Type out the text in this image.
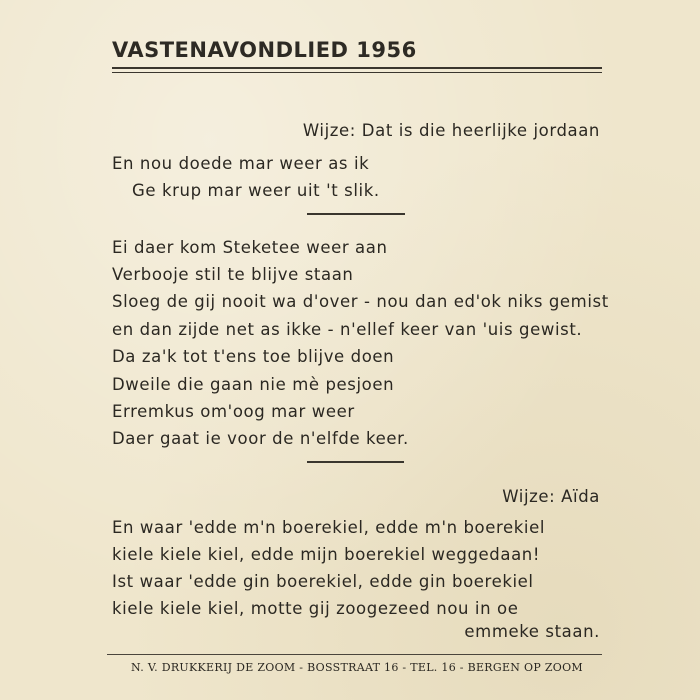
VASTENAVONDLIED 1956
Wijze: Dat is die heerlijke jordaan
En nou doede mar weer as ik
Ge krup mar weer uit 't slik.
Ei daer kom Steketee weer aan
Verbooje stil te blijve staan
Sloeg de gij nooit wa d'over - nou dan ed'ok niks gemist
en dan zijde net as ikke - n'ellef keer van 'uis gewist.
Da za'k tot t'ens toe blijve doen
Dweile die gaan nie mè pesjoen
Erremkus om'oog mar weer
Daer gaat ie voor de n'elfde keer.
Wijze: Aïda
En waar 'edde m'n boerekiel, edde m'n boerekiel
kiele kiele kiel, edde mijn boerekiel weggedaan!
Ist waar 'edde gin boerekiel, edde gin boerekiel
kiele kiele kiel, motte gij zoogezeed nou in oe
emmeke staan.
N. V. DRUKKERIJ DE ZOOM - BOSSTRAAT 16 - TEL. 16 - BERGEN OP ZOOM
